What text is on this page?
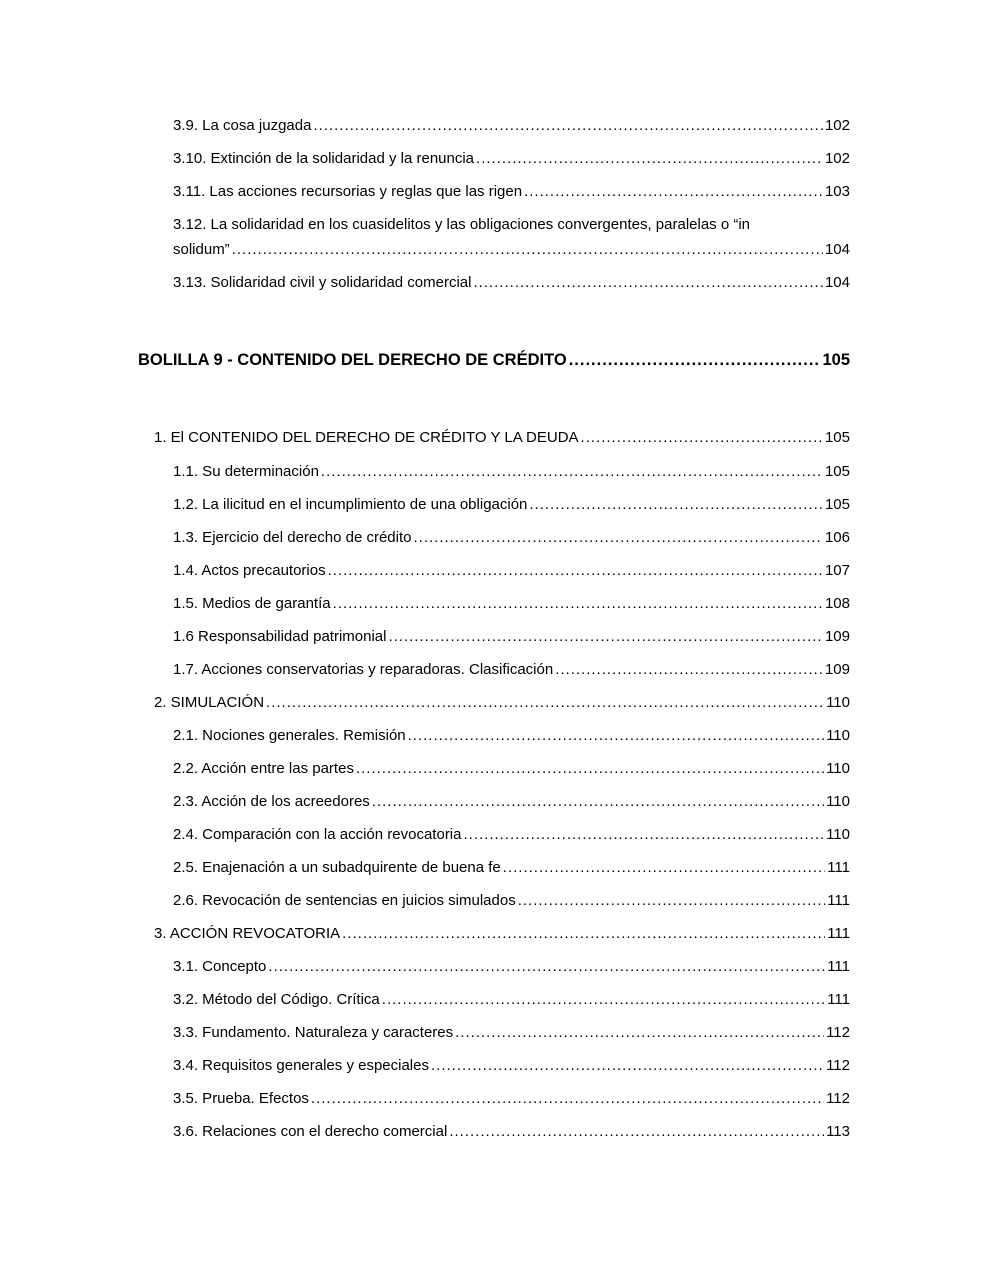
3.9. La cosa juzgada .....	102
3.10. Extinción de la solidaridad y la renuncia .....	102
3.11. Las acciones recursorias y reglas que las rigen .....	103
3.12. La solidaridad en los cuasidelitos y las obligaciones convergentes, paralelas o “in
solidum” .....	104
3.13. Solidaridad civil y solidaridad comercial .....	104
BOLILLA 9 - CONTENIDO DEL DERECHO DE CRÉDITO .....	105
1. El CONTENIDO DEL DERECHO DE CRÉDITO Y LA DEUDA .....	105
1.1. Su determinación .....	105
1.2. La ilicitud en el incumplimiento de una obligación .....	105
1.3. Ejercicio del derecho de crédito .....	106
1.4. Actos precautorios .....	107
1.5. Medios de garantía .....	108
1.6 Responsabilidad patrimonial .....	109
1.7. Acciones conservatorias y reparadoras. Clasificación .....	109
2. SIMULACIÓN .....	110
2.1. Nociones generales. Remisión .....	110
2.2. Acción entre las partes .....	110
2.3. Acción de los acreedores .....	110
2.4. Comparación con la acción revocatoria .....	110
2.5. Enajenación a un subadquirente de buena fe .....	111
2.6. Revocación de sentencias en juicios simulados .....	111
3. ACCIÓN REVOCATORIA .....	111
3.1. Concepto .....	111
3.2. Método del Código. Crítica .....	111
3.3. Fundamento. Naturaleza y caracteres .....	112
3.4. Requisitos generales y especiales .....	112
3.5. Prueba. Efectos .....	112
3.6. Relaciones con el derecho comercial .....	113
